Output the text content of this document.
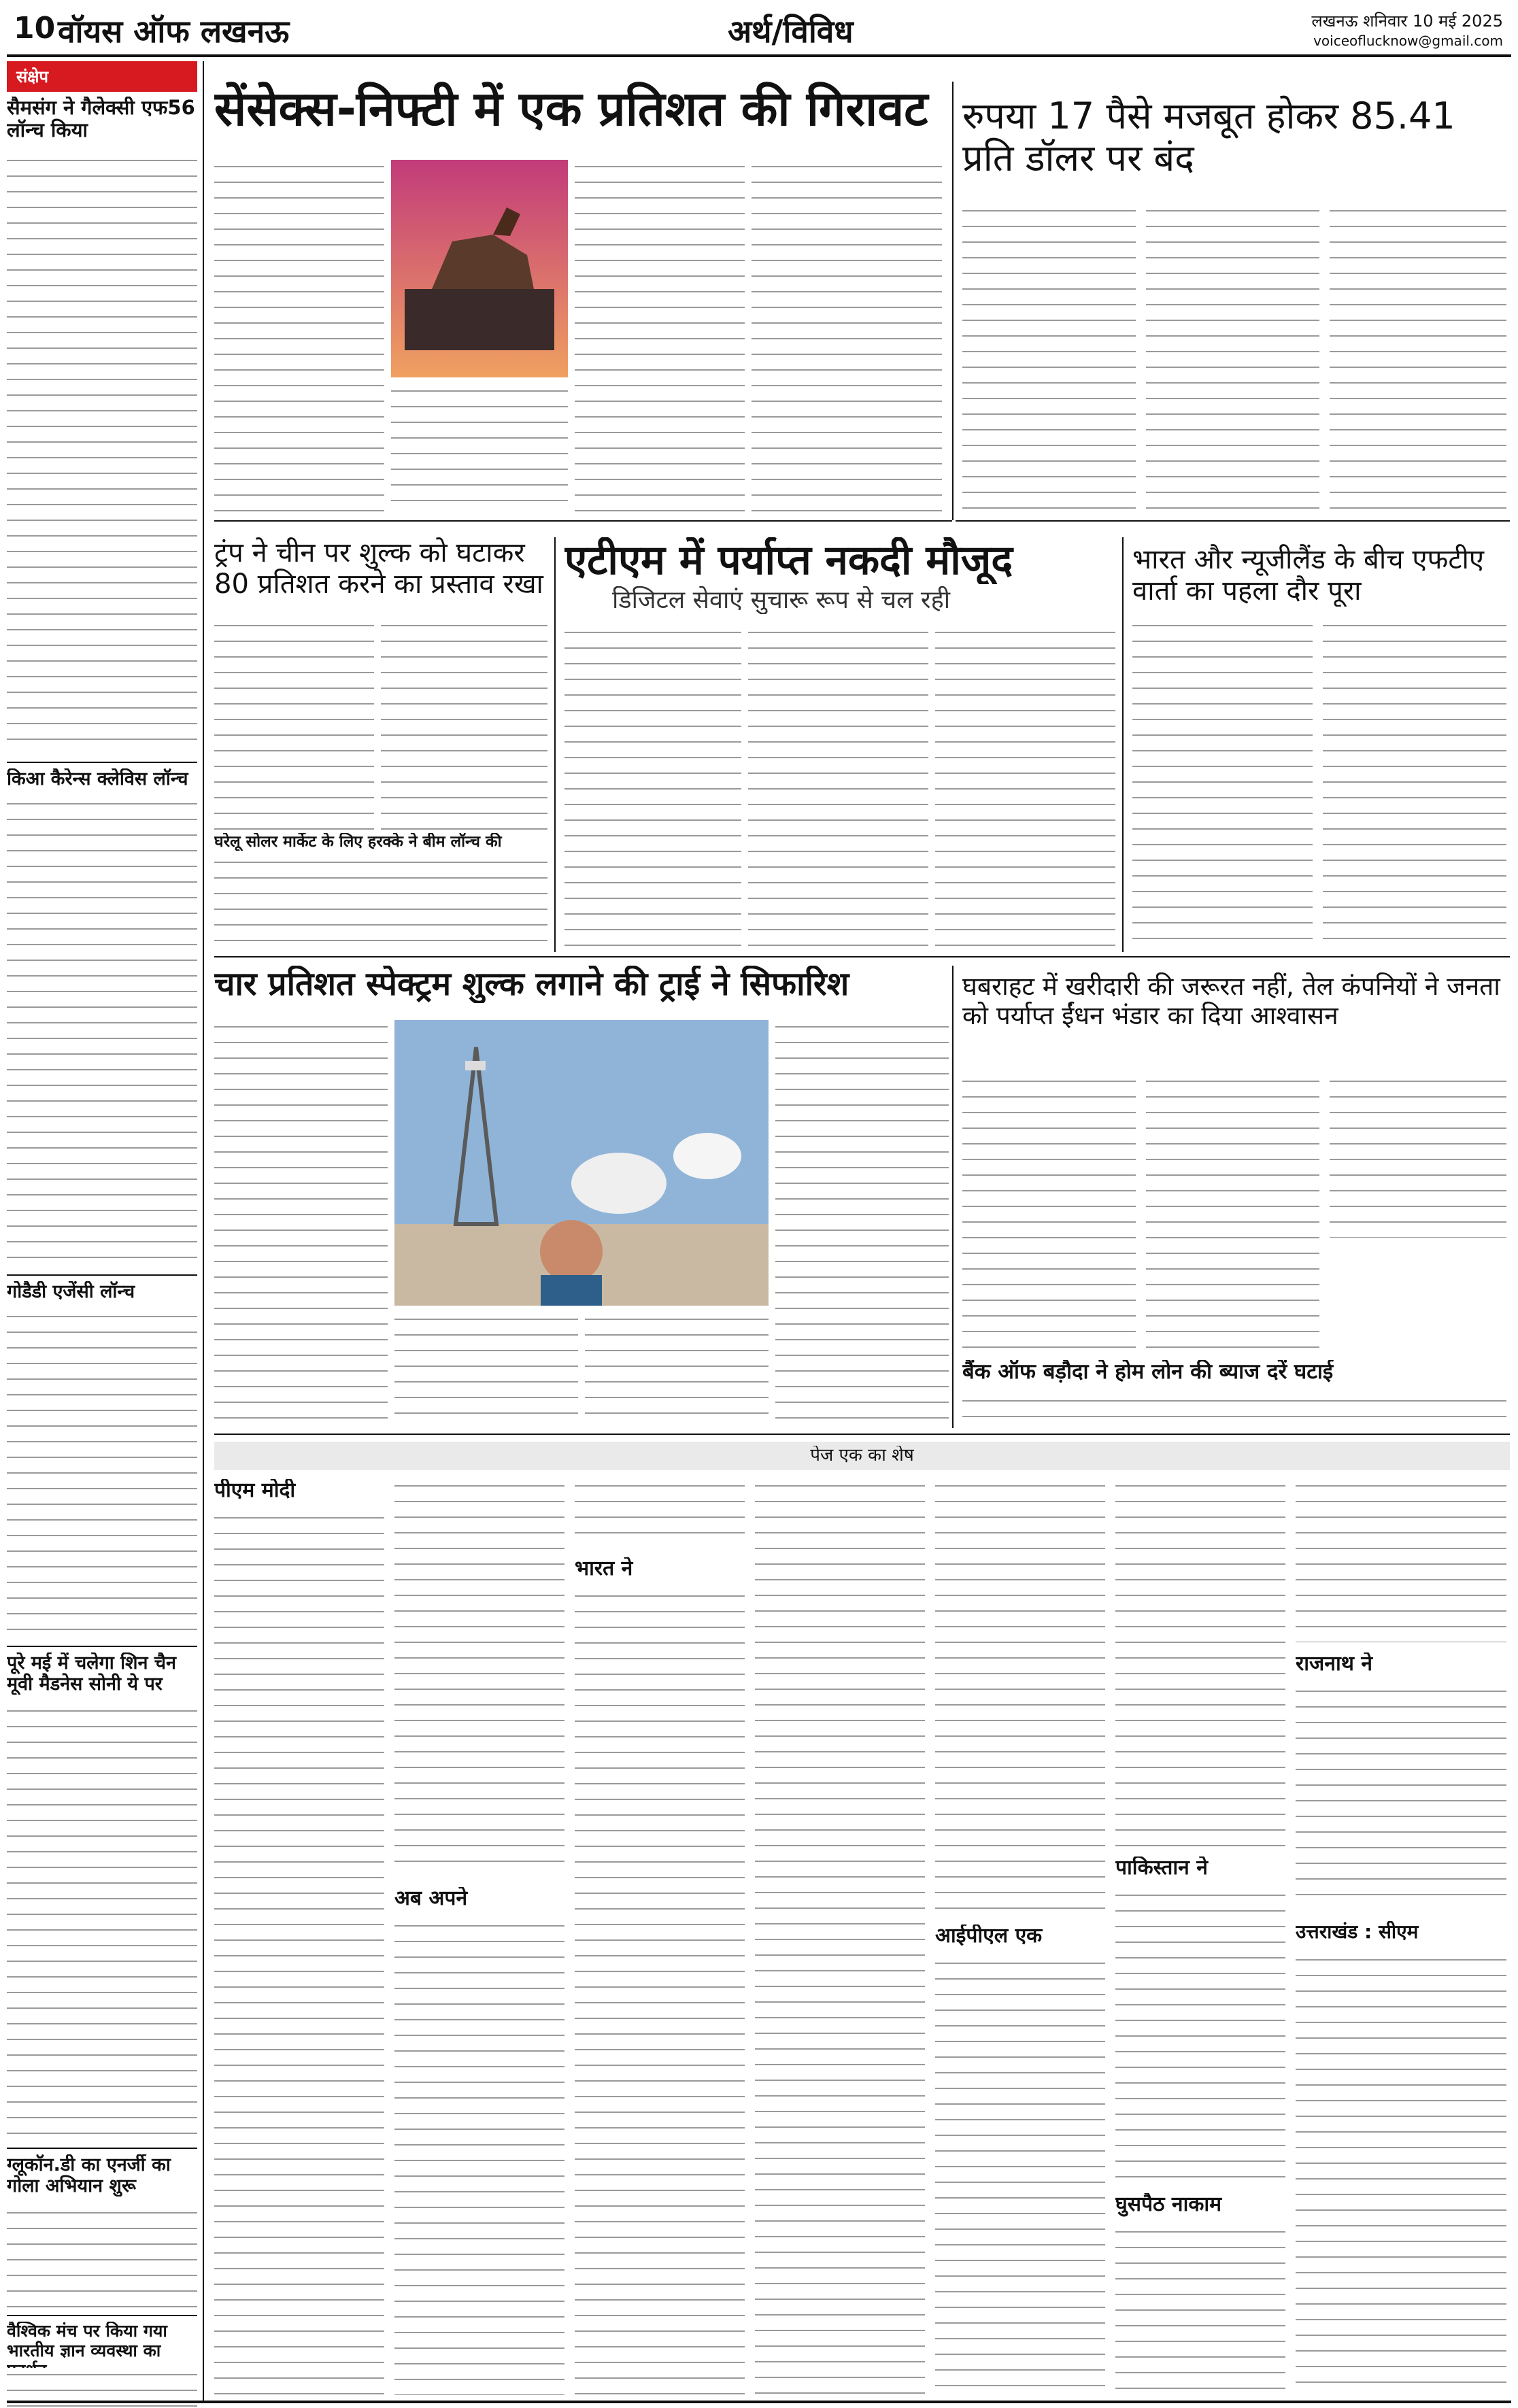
10 वॉयस ऑफ लखनऊ	अर्थ/विविध	लखनऊ शनिवार 10 मई 2025
voiceoflucknow@gmail.com
संक्षेप
सैमसंग ने गैलेक्सी एफ56 लॉन्च किया
किआ कैरेन्स क्लेविस लॉन्च
गोडैडी एजेंसी लॉन्च
पूरे मई में चलेगा शिन चैन मूवी मैडनेस सोनी ये पर
ग्लूकॉन.डी का एनर्जी का गोला अभियान शुरू
वैश्विक मंच पर किया गया भारतीय ज्ञान व्यवस्था का
सेंसेक्स-निफ्टी में एक प्रतिशत की गिरावट रुपया 17 पैसे मजबूत होकर 85.41 प्रति डॉलर पर बंद
ट्रंप ने चीन पर शुल्क को घटाकर 80 प्रतिशत करने का प्रस्ताव रखा
घरेलू सोलर मार्केट के लिए हरक्के ने बीम लॉन्च की
एटीएम में पर्याप्त नकदी मौजूद
डिजिटल सेवाएं सुचारू रूप से चल रही
भारत और न्यूजीलैंड के बीच एफटीए वार्ता का पहला दौर पूरा
चार प्रतिशत स्पेक्ट्रम शुल्क लगाने की ट्राई ने सिफारिश	घबराहट में खरीदारी की जरूरत नहीं, तेल कंपनियों ने जनता को पर्याप्त ईंधन भंडार का दिया आश्वासन
बैंक ऑफ बड़ौदा ने होम लोन की ब्याज दरें घटाई
पेज एक का शेष
पीएम मोदी
अब अपने
भारत ने
आईपीएल एक
पाकिस्तान ने
घुसपैठ नाकाम
राजनाथ ने
उत्तराखंड : सीएम
